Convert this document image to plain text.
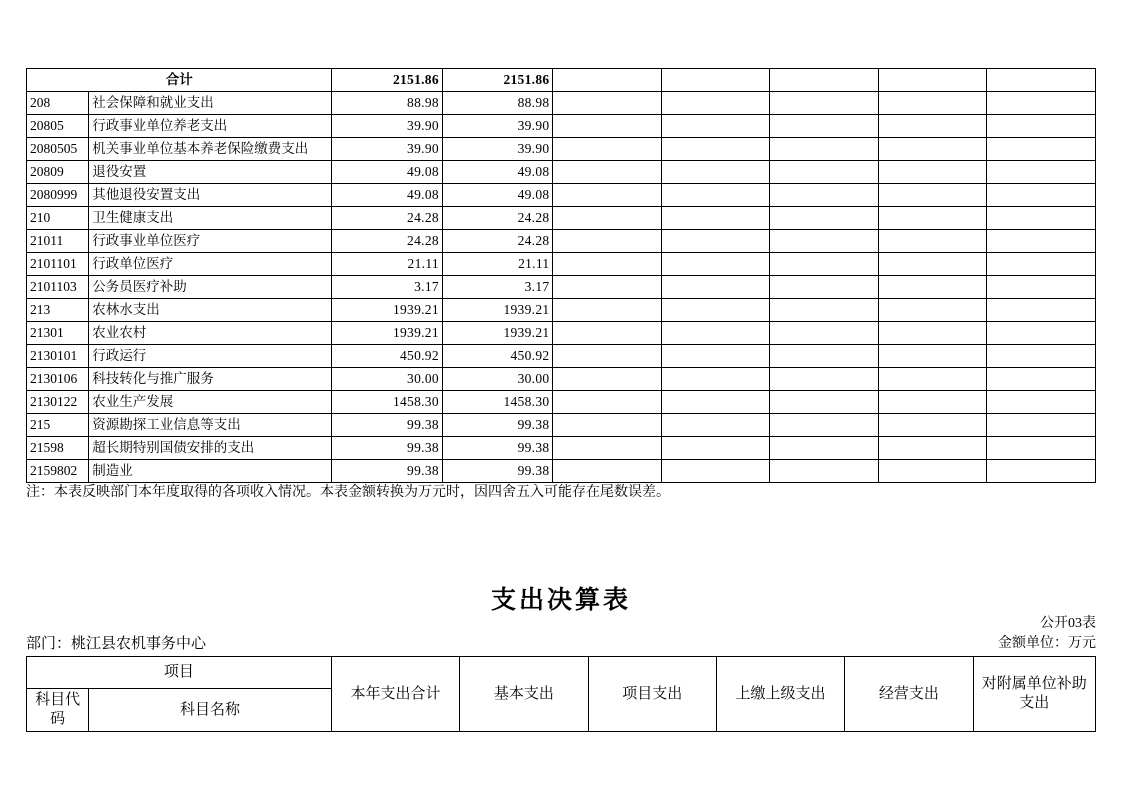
合计		2151.86	2151.86					
208	社会保障和就业支出	88.98	88.98					
20805	行政事业单位养老支出	39.90	39.90					
2080505	机关事业单位基本养老保险缴费支出	39.90	39.90					
20809	退役安置	49.08	49.08					
2080999	其他退役安置支出	49.08	49.08					
210	卫生健康支出	24.28	24.28					
21011	行政事业单位医疗	24.28	24.28					
2101101	行政单位医疗	21.11	21.11					
2101103	公务员医疗补助	3.17	3.17					
213	农林水支出	1939.21	1939.21					
21301	农业农村	1939.21	1939.21					
2130101	行政运行	450.92	450.92					
2130106	科技转化与推广服务	30.00	30.00					
2130122	农业生产发展	1458.30	1458.30					
215	资源勘探工业信息等支出	99.38	99.38					
21598	超长期特别国债安排的支出	99.38	99.38					
2159802	制造业	99.38	99.38					
注：本表反映部门本年度取得的各项收入情况。本表金额转换为万元时，因四舍五入可能存在尾数误差。
支出决算表
公开03表
金额单位：万元
部门：桃江县农机事务中心
项目		本年支出合计	基本支出	项目支出	上缴上级支出	经营支出	对附属单位补助支出
科目代码	科目名称						
